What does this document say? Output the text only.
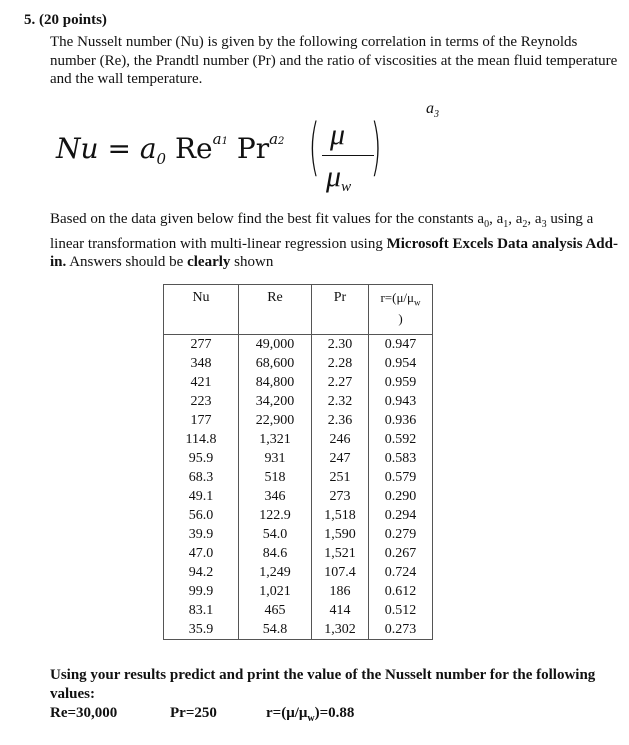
5. (20 points)
The Nusselt number (Nu) is given by the following correlation in terms of the Reynolds number (Re), the Prandtl number (Pr) and the ratio of viscosities at the mean fluid temperature and the wall temperature.
$Nu = a_0$ $Re^{a1}$ $Pr^{a2}$ ( μ
$\mu_w$
)
$a_3$
Based on the data given below find the best fit values for the constants $a_0$, $a_1$, $a_2$, $a_3$ using a linear transformation with multi-linear regression using Microsoft Excels Data analysis Add-in. Answers should be clearly shown
Nu	Re	Pr	$r=(\mu/\mu_w$
)
277	49,000	2.30	0.947
348	68,600	2.28	0.954
421	84,800	2.27	0.959
223	34,200	2.32	0.943
177	22,900	2.36	0.936
114.8	1,321	246	0.592
95.9	931	247	0.583
68.3	518	251	0.579
49.1	346	273	0.290
56.0	122.9	1,518	0.294
39.9	54.0	1,590	0.279
47.0	84.6	1,521	0.267
94.2	1,249	107.4	0.724
99.9	1,021	186	0.612
83.1	465	414	0.512
35.9	54.8	1,302	0.273
Using your results predict and print the value of the Nusselt number for the following values:
Re=30,000	Pr=250	$r=(\mu/\mu_w)=0.88$
